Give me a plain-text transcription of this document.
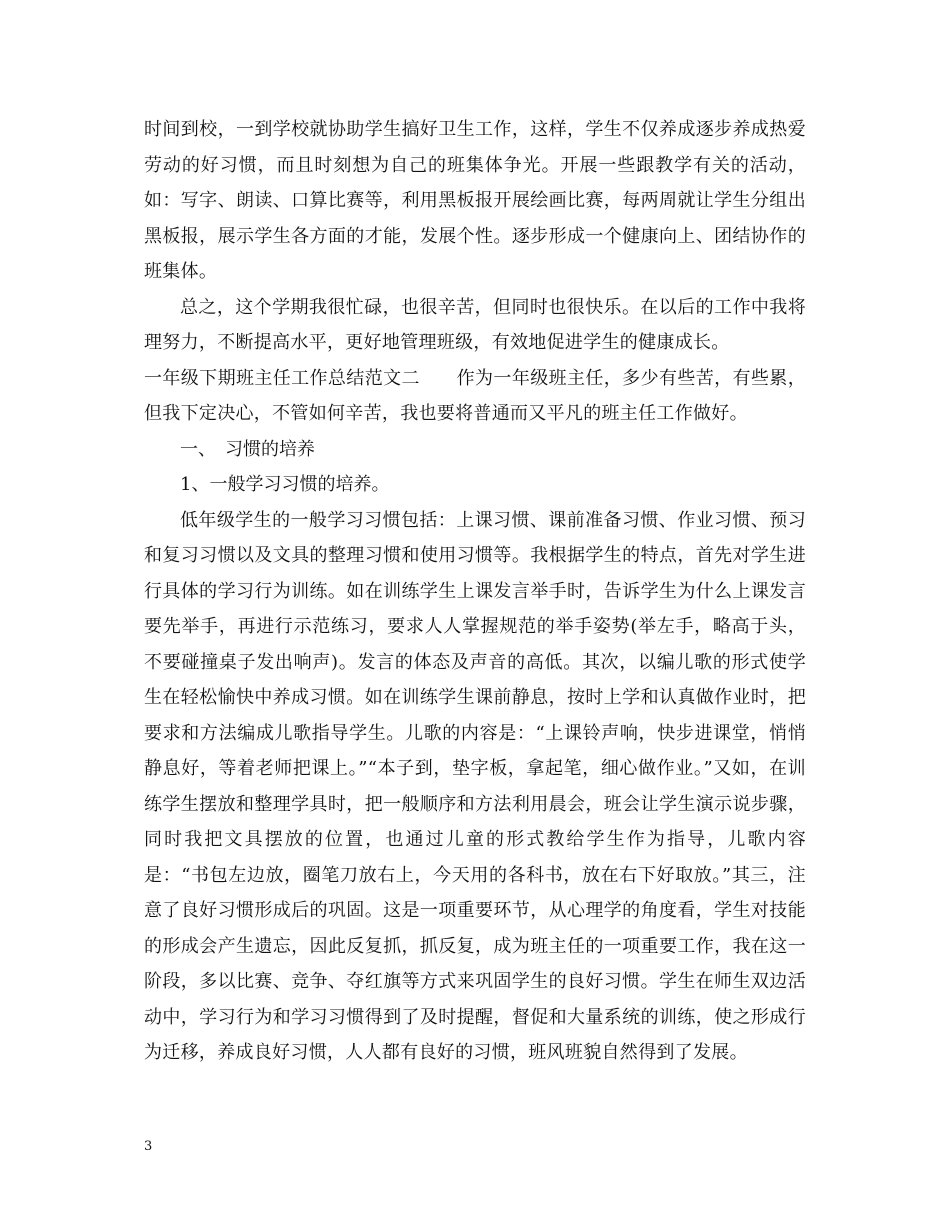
时间到校，一到学校就协助学生搞好卫生工作，这样，学生不仅养成逐步养成热爱劳动的好习惯，而且时刻想为自己的班集体争光。开展一些跟教学有关的活动，如：写字、朗读、口算比赛等，利用黑板报开展绘画比赛，每两周就让学生分组出黑板报，展示学生各方面的才能，发展个性。逐步形成一个健康向上、团结协作的班集体。

总之，这个学期我很忙碌，也很辛苦，但同时也很快乐。在以后的工作中我将理努力，不断提高水平，更好地管理班级，有效地促进学生的健康成长。

一年级下期班主任工作总结范文二　　作为一年级班主任，多少有些苦，有些累，但我下定决心，不管如何辛苦，我也要将普通而又平凡的班主任工作做好。

一、　习惯的培养

1、一般学习习惯的培养。

低年级学生的一般学习习惯包括：上课习惯、课前准备习惯、作业习惯、预习和复习习惯以及文具的整理习惯和使用习惯等。我根据学生的特点，首先对学生进行具体的学习行为训练。如在训练学生上课发言举手时，告诉学生为什么上课发言要先举手，再进行示范练习，要求人人掌握规范的举手姿势(举左手，略高于头，不要碰撞桌子发出响声)。发言的体态及声音的高低。其次，以编儿歌的形式使学生在轻松愉快中养成习惯。如在训练学生课前静息，按时上学和认真做作业时，把要求和方法编成儿歌指导学生。儿歌的内容是：“上课铃声响，快步进课堂，悄悄静息好，等着老师把课上。”“本子到，垫字板，拿起笔，细心做作业。”又如，在训练学生摆放和整理学具时，把一般顺序和方法利用晨会，班会让学生演示说步骤，同时我把文具摆放的位置，也通过儿童的形式教给学生作为指导，儿歌内容是：“书包左边放，圈笔刀放右上，今天用的各科书，放在右下好取放。”其三，注意了良好习惯形成后的巩固。这是一项重要环节，从心理学的角度看，学生对技能的形成会产生遗忘，因此反复抓，抓反复，成为班主任的一项重要工作，我在这一阶段，多以比赛、竞争、夺红旗等方式来巩固学生的良好习惯。学生在师生双边活动中，学习行为和学习习惯得到了及时提醒，督促和大量系统的训练，使之形成行为迁移，养成良好习惯，人人都有良好的习惯，班风班貌自然得到了发展。

3
